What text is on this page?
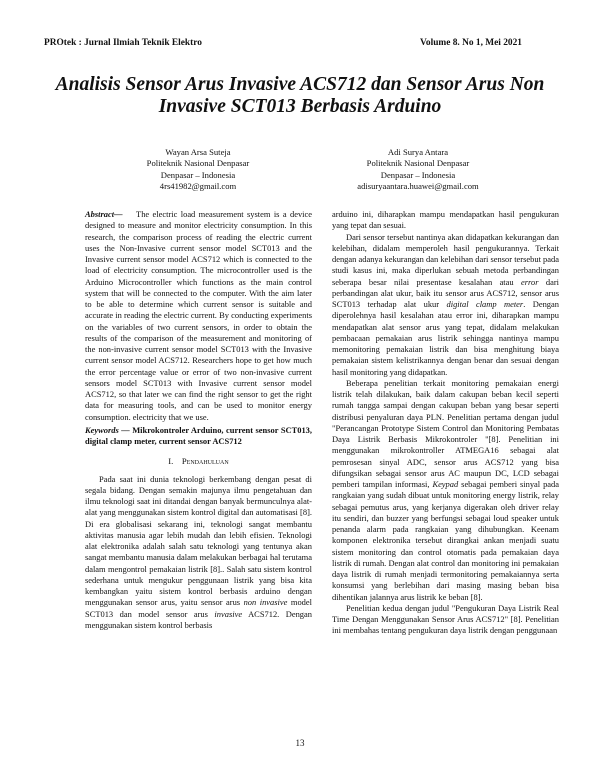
PROtek : Jurnal Ilmiah Teknik Elektro	Volume 8. No 1, Mei 2021
Analisis Sensor Arus Invasive ACS712 dan Sensor Arus Non Invasive SCT013 Berbasis Arduino
Wayan Arsa Suteja
Politeknik Nasional Denpasar
Denpasar – Indonesia
4rs41982@gmail.com
Adi Surya Antara
Politeknik Nasional Denpasar
Denpasar – Indonesia
adisuryaantara.huawei@gmail.com

Abstract— The electric load measurement system is a device designed to measure and monitor electricity consumption. In this research, the comparison process of reading the electric current uses the Non-Invasive current sensor model SCT013 and the Invasive current sensor model ACS712 which is connected to the load of electricity consumption. The microcontroller used is the Arduino Microcontroller which functions as the main control system that will be connected to the computer. With the aim later to be able to determine which current sensor is suitable and accurate in reading the electric current. By conducting experiments on the variables of two current sensors, in order to obtain the results of the comparison of the measurement and monitoring of the non-invasive current sensor model SCT013 with the Invasive current sensor model ACS712. Researchers hope to get how much the error percentage value or error of two non-invasive current sensors model SCT013 with Invasive current sensor model ACS712, so that later we can find the right sensor to get the right data for measuring tools, and can be used to monitor energy consumption. electricity that we use.

Keywords — Mikrokontroler Arduino, current sensor SCT013, digital clamp meter, current sensor ACS712

I. Pendahuluan

Pada saat ini dunia teknologi berkembang dengan pesat di segala bidang. Dengan semakin majunya ilmu pengetahuan dan ilmu teknologi saat ini ditandai dengan banyak bermunculnya alat-alat yang menggunakan sistem kontrol digital dan automatisasi [8]. Di era globalisasi sekarang ini, teknologi sangat membantu aktivitas manusia agar lebih mudah dan lebih efisien. Teknologi alat elektronika adalah salah satu teknologi yang tentunya akan sangat membantu manusia dalam melakukan berbagai hal terutama dalam mengontrol pemakaian listrik [8].. Salah satu sistem kontrol sederhana untuk mengukur penggunaan listrik yang bisa kita kembangkan yaitu sistem kontrol berbasis arduino dengan menggunakan sensor arus, yaitu sensor arus non invasive model SCT013 dan model sensor arus invasive ACS712. Dengan menggunakan sistem kontrol berbasis

arduino ini, diharapkan mampu mendapatkan hasil pengukuran yang tepat dan sesuai.

Dari sensor tersebut nantinya akan didapatkan kekurangan dan kelebihan, didalam memperoleh hasil pengukurannya. Terkait dengan adanya kekurangan dan kelebihan dari sensor tersebut pada studi kasus ini, maka diperlukan sebuah metoda perbandingan seberapa besar nilai presentase kesalahan atau error dari perbandingan alat ukur, baik itu sensor arus ACS712, sensor arus SCT013 terhadap alat ukur digital clamp meter. Dengan diperolehnya hasil kesalahan atau error ini, diharapkan mampu mendapatkan alat sensor arus yang tepat, didalam melakukan pembacaan pemakaian arus listrik sehingga nantinya mampu memonitoring pemakaian listrik dan bisa menghitung biaya pemakaian sistem kelistrikannya dengan benar dan sesuai dengan hasil monitoring yang didapatkan.

Beberapa penelitian terkait monitoring pemakaian energi listrik telah dilakukan, baik dalam cakupan beban kecil seperti rumah tangga sampai dengan cakupan beban yang besar seperti distribusi penyaluran daya PLN. Penelitian pertama dengan judul "Perancangan Prototype Sistem Control dan Monitoring Pembatas Daya Listrik Berbasis Mikrokontroler "[8]. Penelitian ini menggunakan mikrokontroller ATMEGA16 sebagai alat pemrosesan sinyal ADC, sensor arus ACS712 yang bisa difungsikan sebagai sensor arus AC maupun DC, LCD sebagai pemberi tampilan informasi, Keypad sebagai pemberi sinyal pada rangkaian yang sudah dibuat untuk monitoring energy listrik, relay sebagai pemutus arus, yang kerjanya digerakan oleh driver relay itu sendiri, dan buzzer yang berfungsi sebagai loud speaker untuk penanda alarm pada rangkaian yang dihubungkan. Keenam komponen elektronika tersebut dirangkai ankan menjadi suatu sistem monitoring dan control otomatis pada pemakaian daya listrik di rumah. Dengan alat control dan monitoring ini pemakaian daya listrik di rumah menjadi termonitoring pemakaiannya serta konsumsi yang berlebihan dari masing masing beban bisa dihentikan jalannya arus listrik ke beban [8].

Penelitian kedua dengan judul "Pengukuran Daya Listrik Real Time Dengan Menggunakan Sensor Arus ACS712" [8]. Penelitian ini membahas tentang pengukuran daya listrik dengan penggunaan

13
